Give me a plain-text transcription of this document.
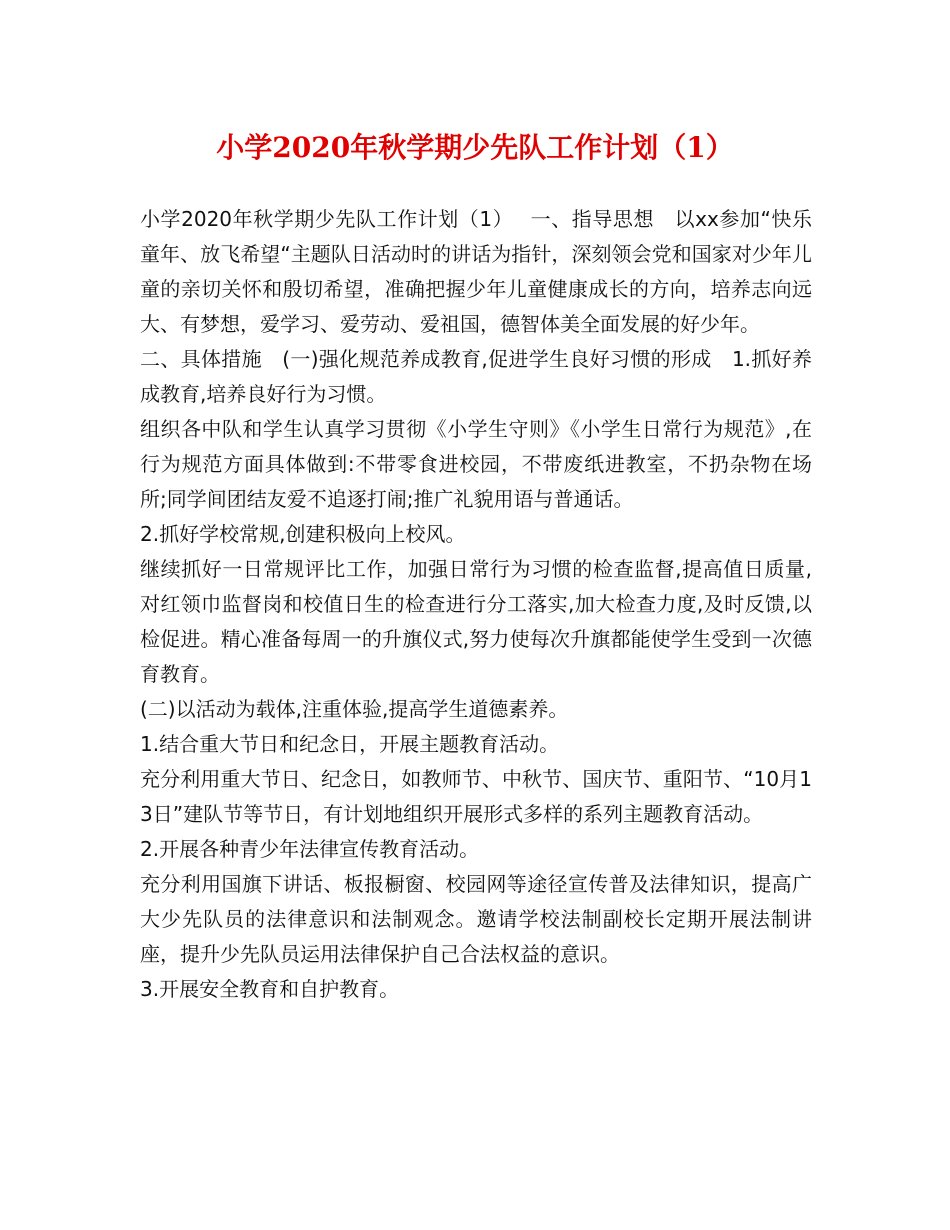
小学2020年秋学期少先队工作计划（1）

小学2020年秋学期少先队工作计划（1）　 一、指导思想　以xx参加“快乐童年、放飞希望“主题队日活动时的讲话为指针，深刻领会党和国家对少年儿童的亲切关怀和殷切希望，准确把握少年儿童健康成长的方向，培养志向远大、有梦想，爱学习、爱劳动、爱祖国，德智体美全面发展的好少年。

二、具体措施　(一)强化规范养成教育,促进学生良好习惯的形成　1.抓好养成教育,培养良好行为习惯。

组织各中队和学生认真学习贯彻《小学生守则》《小学生日常行为规范》,在行为规范方面具体做到:不带零食进校园，不带废纸进教室，不扔杂物在场所;同学间团结友爱不追逐打闹;推广礼貌用语与普通话。

2.抓好学校常规,创建积极向上校风。

继续抓好一日常规评比工作，加强日常行为习惯的检查监督,提高值日质量,对红领巾监督岗和校值日生的检查进行分工落实,加大检查力度,及时反馈,以检促进。精心准备每周一的升旗仪式,努力使每次升旗都能使学生受到一次德育教育。

(二)以活动为载体,注重体验,提高学生道德素养。

1.结合重大节日和纪念日，开展主题教育活动。

充分利用重大节日、纪念日，如教师节、中秋节、国庆节、重阳节、“10月13日”建队节等节日，有计划地组织开展形式多样的系列主题教育活动。

2.开展各种青少年法律宣传教育活动。

充分利用国旗下讲话、板报橱窗、校园网等途径宣传普及法律知识，提高广大少先队员的法律意识和法制观念。邀请学校法制副校长定期开展法制讲座，提升少先队员运用法律保护自己合法权益的意识。

3.开展安全教育和自护教育。
